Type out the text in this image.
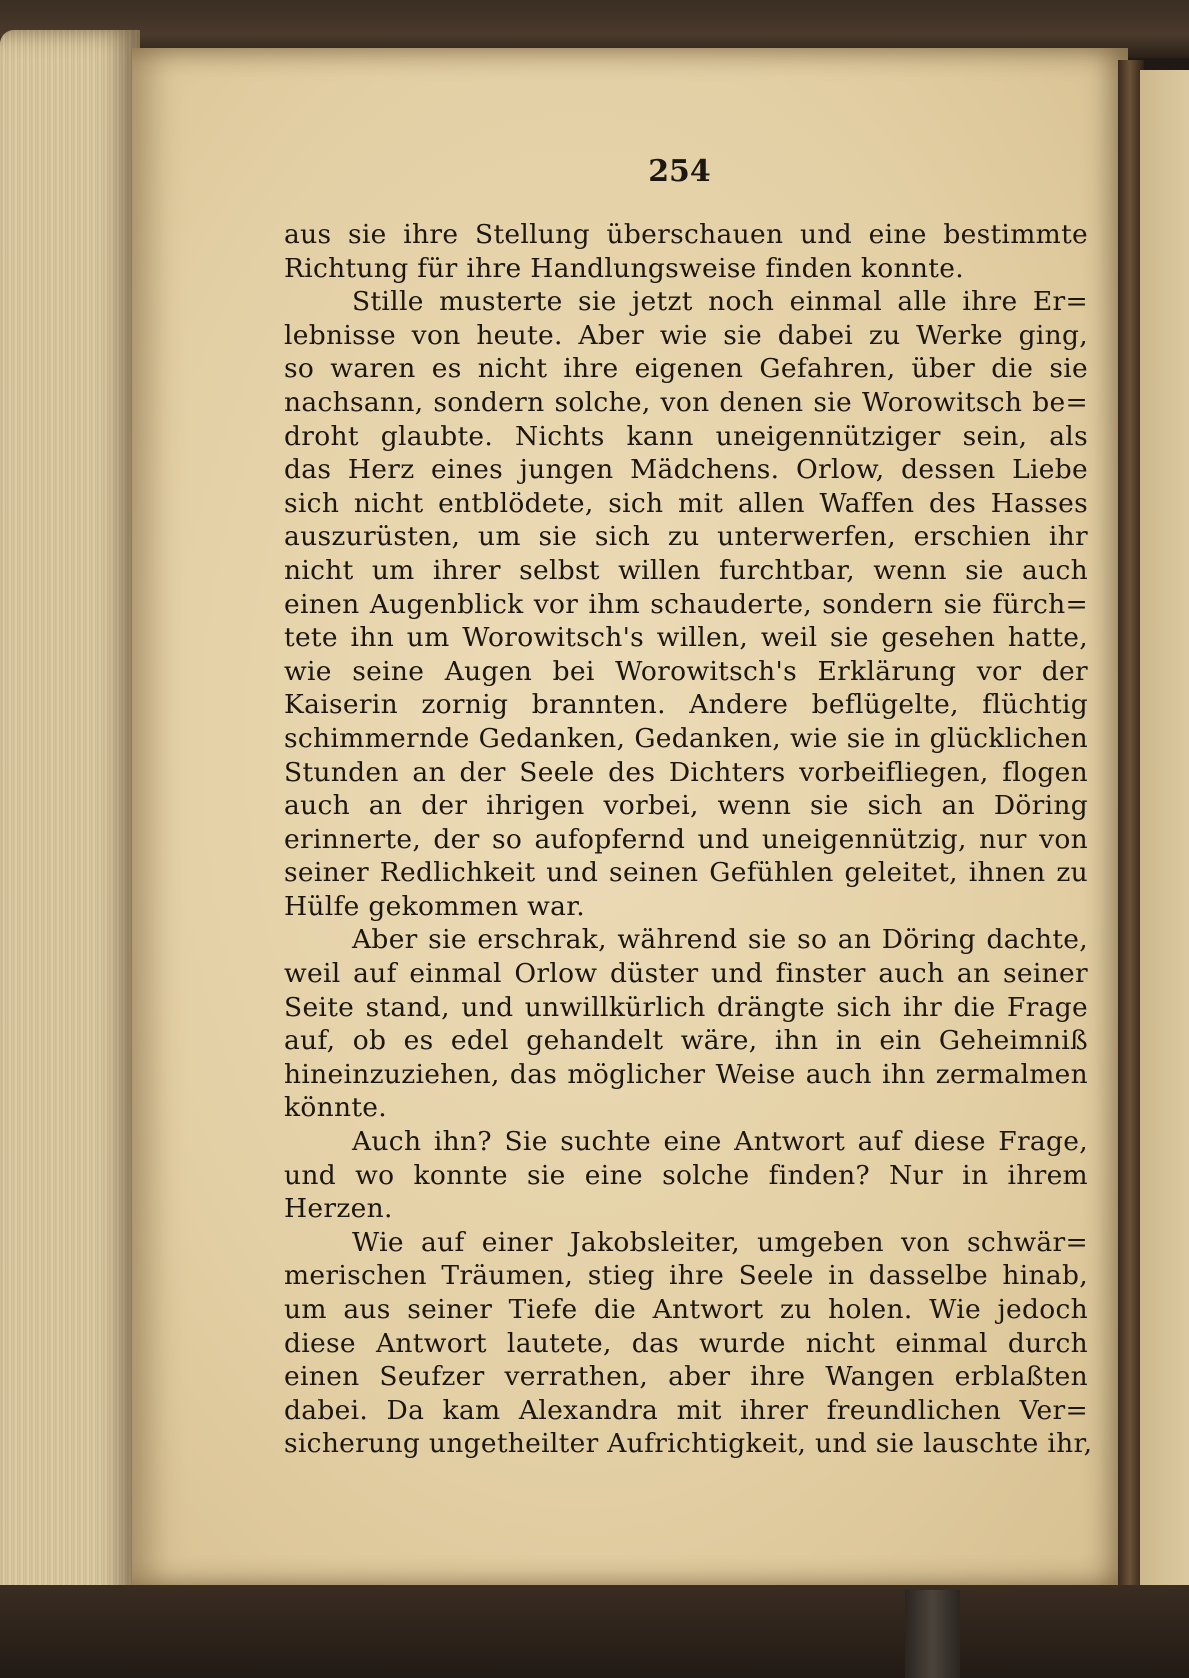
254
aus sie ihre Stellung überschauen und eine bestimmte
Richtung für ihre Handlungsweise finden konnte.
Stille musterte sie jetzt noch einmal alle ihre Er=
lebnisse von heute. Aber wie sie dabei zu Werke ging,
so waren es nicht ihre eigenen Gefahren, über die sie
nachsann, sondern solche, von denen sie Worowitsch be=
droht glaubte. Nichts kann uneigennütziger sein, als
das Herz eines jungen Mädchens. Orlow, dessen Liebe
sich nicht entblödete, sich mit allen Waffen des Hasses
auszurüsten, um sie sich zu unterwerfen, erschien ihr
nicht um ihrer selbst willen furchtbar, wenn sie auch
einen Augenblick vor ihm schauderte, sondern sie fürch=
tete ihn um Worowitsch's willen, weil sie gesehen hatte,
wie seine Augen bei Worowitsch's Erklärung vor der
Kaiserin zornig brannten. Andere beflügelte, flüchtig
schimmernde Gedanken, Gedanken, wie sie in glücklichen
Stunden an der Seele des Dichters vorbeifliegen, flogen
auch an der ihrigen vorbei, wenn sie sich an Döring
erinnerte, der so aufopfernd und uneigennützig, nur von
seiner Redlichkeit und seinen Gefühlen geleitet, ihnen zu
Hülfe gekommen war.
Aber sie erschrak, während sie so an Döring dachte,
weil auf einmal Orlow düster und finster auch an seiner
Seite stand, und unwillkürlich drängte sich ihr die Frage
auf, ob es edel gehandelt wäre, ihn in ein Geheimniß
hineinzuziehen, das möglicher Weise auch ihn zermalmen
könnte.
Auch ihn? Sie suchte eine Antwort auf diese Frage,
und wo konnte sie eine solche finden? Nur in ihrem
Herzen.
Wie auf einer Jakobsleiter, umgeben von schwär=
merischen Träumen, stieg ihre Seele in dasselbe hinab,
um aus seiner Tiefe die Antwort zu holen. Wie jedoch
diese Antwort lautete, das wurde nicht einmal durch
einen Seufzer verrathen, aber ihre Wangen erblaßten
dabei. Da kam Alexandra mit ihrer freundlichen Ver=
sicherung ungetheilter Aufrichtigkeit, und sie lauschte ihr,
